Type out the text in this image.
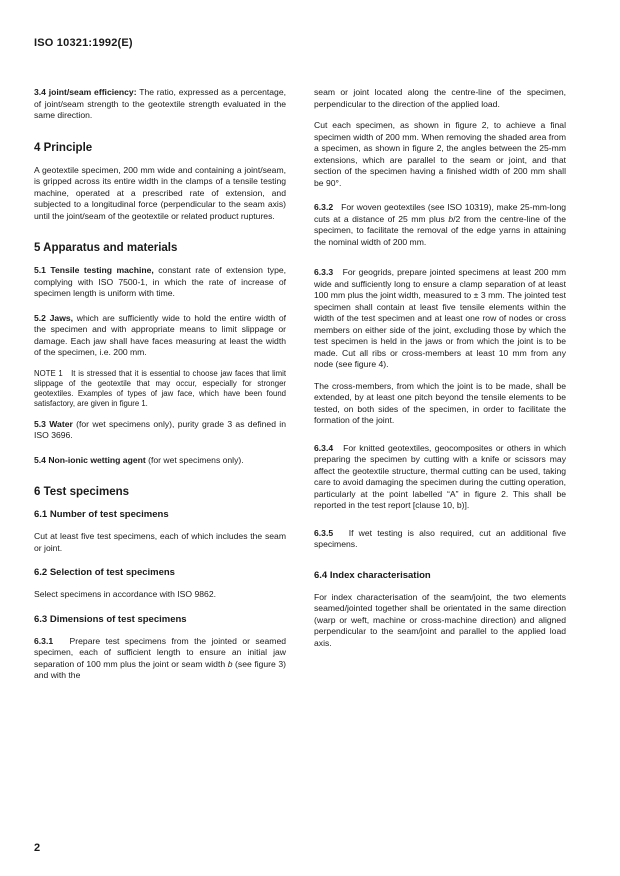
ISO 10321:1992(E)

3.4 joint/seam efficiency: The ratio, expressed as a percentage, of joint/seam strength to the geotextile strength evaluated in the same direction.

4 Principle

A geotextile specimen, 200 mm wide and containing a joint/seam, is gripped across its entire width in the clamps of a tensile testing machine, operated at a prescribed rate of extension, and subjected to a longitudinal force (perpendicular to the seam axis) until the joint/seam of the geotextile or related product ruptures.

5 Apparatus and materials

5.1 Tensile testing machine, constant rate of extension type, complying with ISO 7500-1, in which the rate of increase of specimen length is uniform with time.

5.2 Jaws, which are sufficiently wide to hold the entire width of the specimen and with appropriate means to limit slippage or damage. Each jaw shall have faces measuring at least the width of the specimen, i.e. 200 mm.

NOTE 1 It is stressed that it is essential to choose jaw faces that limit slippage of the geotextile that may occur, especially for stronger geotextiles. Examples of types of jaw face, which have been found satisfactory, are given in figure 1.

5.3 Water (for wet specimens only), purity grade 3 as defined in ISO 3696.

5.4 Non-ionic wetting agent (for wet specimens only).

6 Test specimens
6.1 Number of test specimens

Cut at least five test specimens, each of which includes the seam or joint.

6.2 Selection of test specimens

Select specimens in accordance with ISO 9862.

6.3 Dimensions of test specimens

6.3.1 Prepare test specimens from the jointed or seamed specimen, each of sufficient length to ensure an initial jaw separation of 100 mm plus the joint or seam width b (see figure 3) and with the

seam or joint located along the centre-line of the specimen, perpendicular to the direction of the applied load.

Cut each specimen, as shown in figure 2, to achieve a final specimen width of 200 mm. When removing the shaded area from a specimen, as shown in figure 2, the angles between the 25-mm extensions, which are parallel to the seam or joint, and that section of the specimen having a finished width of 200 mm shall be 90°.

6.3.2 For woven geotextiles (see ISO 10319), make 25-mm-long cuts at a distance of 25 mm plus b/2 from the centre-line of the specimen, to facilitate the removal of the edge yarns in attaining the nominal width of 200 mm.

6.3.3 For geogrids, prepare jointed specimens at least 200 mm wide and sufficiently long to ensure a clamp separation of at least 100 mm plus the joint width, measured to ± 3 mm. The jointed test specimen shall contain at least five tensile elements within the width of the test specimen and at least one row of nodes or cross members on either side of the joint, excluding those by which the test specimen is held in the jaws or from which the joint is to be made. Cut all ribs or cross-members at least 10 mm from any node (see figure 4).

The cross-members, from which the joint is to be made, shall be extended, by at least one pitch beyond the tensile elements to be tested, on both sides of the specimen, in order to facilitate the formation of the joint.

6.3.4 For knitted geotextiles, geocomposites or others in which preparing the specimen by cutting with a knife or scissors may affect the geotextile structure, thermal cutting can be used, taking care to avoid damaging the specimen during the cutting operation, particularly at the point labelled “A” in figure 2. This shall be reported in the test report [clause 10, b)].

6.3.5 If wet testing is also required, cut an additional five specimens.

6.4 Index characterisation

For index characterisation of the seam/joint, the two elements seamed/jointed together shall be orientated in the same direction (warp or weft, machine or cross-machine direction) and aligned perpendicular to the seam/joint and parallel to the applied load axis.

2
